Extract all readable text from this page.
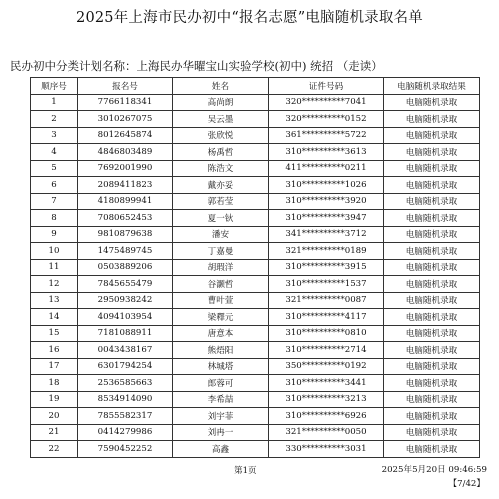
2025年上海市民办初中“报名志愿”电脑随机录取名单
民办初中分类计划名称：上海民办华曜宝山实验学校(初中) 统招 （走读）
顺序号	报名号	姓名	证件号码	电脑随机录取结果
1	7766118341	高尚朗	320**********7041	电脑随机录取
2	3010267075	吴云墨	320**********0152	电脑随机录取
3	8012645874	张欣悦	361**********5722	电脑随机录取
4	4846803489	杨禹哲	310**********3613	电脑随机录取
5	7692001990	陈浩文	411**********0211	电脑随机录取
6	2089411823	戴亦妥	310**********1026	电脑随机录取
7	4180899941	郭若莹	310**********3920	电脑随机录取
8	7080652453	夏一钬	310**********3947	电脑随机录取
9	9810879638	潘安	341**********3712	电脑随机录取
10	1475489745	丁嘉曼	321**********0189	电脑随机录取
11	0503889206	胡瑕洋	310**********3915	电脑随机录取
12	7845655479	谷灏哲	310**********1537	电脑随机录取
13	2950938242	曹叶萱	321**********0087	电脑随机录取
14	4094103954	梁釋元	310**********4117	电脑随机录取
15	7181088911	唐意本	310**********0810	电脑随机录取
16	0043438167	熊焐阳	310**********2714	电脑随机录取
17	6301794254	林城塔	350**********0192	电脑随机录取
18	2536585663	郎蓉可	310**********3441	电脑随机录取
19	8534914090	李希喆	310**********3213	电脑随机录取
20	7855582317	刘宇菲	310**********6926	电脑随机录取
21	0414279986	刘冉一	321**********0050	电脑随机录取
22	7590452252	高鑫	330**********3031	电脑随机录取
第1页	2025年5月20日 09:46:59
【7/42】
